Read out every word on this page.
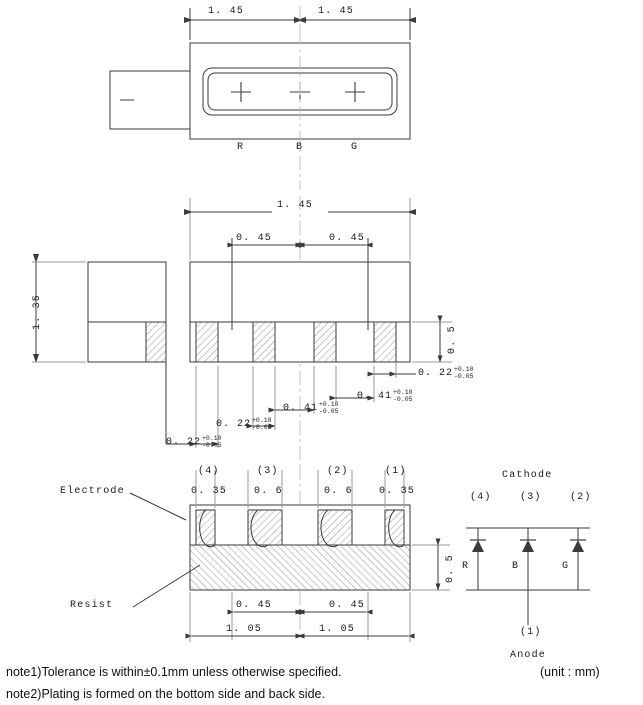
1. 45	1. 45
R	B	G
1. 45
0. 45	0. 45
1. 35
0. 5
0. 22 +0.10
-0.05
0. 41 +0.10
-0.05
0. 41 +0.10
-0.05
0. 22 +0.10
-0.05
0. 22 +0.10
-0.05
(4)	(3)	(2)	(1)
0. 35	0. 6	0. 6	0. 35
Electrode
Resist
0. 5
0. 45	0. 45
1. 05	1. 05
Cathode
(4)	(3)	(2)
R	B	G
(1)
Anode
note1)Tolerance is within±0.1mm unless otherwise specified.
note2)Plating is formed on the bottom side and back side.
(unit : mm)
